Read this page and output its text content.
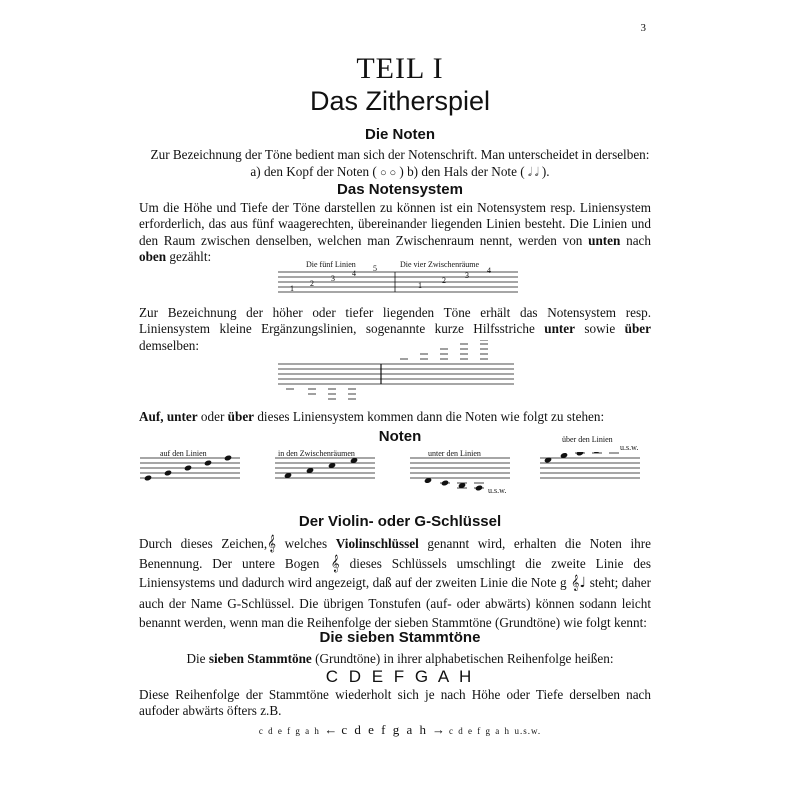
3
TEIL I
Das Zitherspiel
Die Noten
Zur Bezeichnung der Töne bedient man sich der Notenschrift. Man unterscheidet in derselben:
a) den Kopf der Noten ( ○ ○ ) b) den Hals der Note ( 𝅗𝅥 𝅗𝅥 ).
Das Notensystem
Um die Höhe und Tiefe der Töne darstellen zu können ist ein Notensystem resp. Liniensystem erforderlich, das aus fünf waagerechten, übereinander liegenden Linien besteht. Die Linien und den Raum zwischen denselben, welchen man Zwischenraum nennt, werden von unten nach oben gezählt:
Die fünf Linien	Die vier Zwischenräume
1
2
3
4
5
1
2
3
4
Zur Bezeichnung der höher oder tiefer liegenden Töne erhält das Notensystem resp. Liniensystem kleine Ergänzungslinien, sogenannte kurze Hilfsstriche unter sowie über demselben:
Auf, unter oder über dieses Liniensystem kommen dann die Noten wie folgt zu stehen:
Noten
auf den Linien	in den Zwischenräumen	unter den Linien
über den Linien
u.s.w.
u.s.w.
Der Violin- oder G-Schlüssel
Durch dieses Zeichen,𝄞 welches Violinschlüssel genannt wird, erhalten die Noten ihre Benennung. Der untere Bogen 𝄞 dieses Schlüssels umschlingt die zweite Linie des Liniensystems und dadurch wird angezeigt, daß auf der zweiten Linie die Note g 𝄞♩ steht; daher auch der Name G-Schlüssel. Die übrigen Tonstufen (auf- oder abwärts) können sodann leicht benannt werden, wenn man die Reihenfolge der sieben Stammtöne (Grundtöne) wie folgt kennt:
Die sieben Stammtöne
Die sieben Stammtöne (Grundtöne) in ihrer alphabetischen Reihenfolge heißen:
C D E F G A H
Diese Reihenfolge der Stammtöne wiederholt sich je nach Höhe oder Tiefe derselben nach aufoder abwärts öfters z.B.
c d e f g a h ← c d e f g a h → c d e f g a h u.s.w.
